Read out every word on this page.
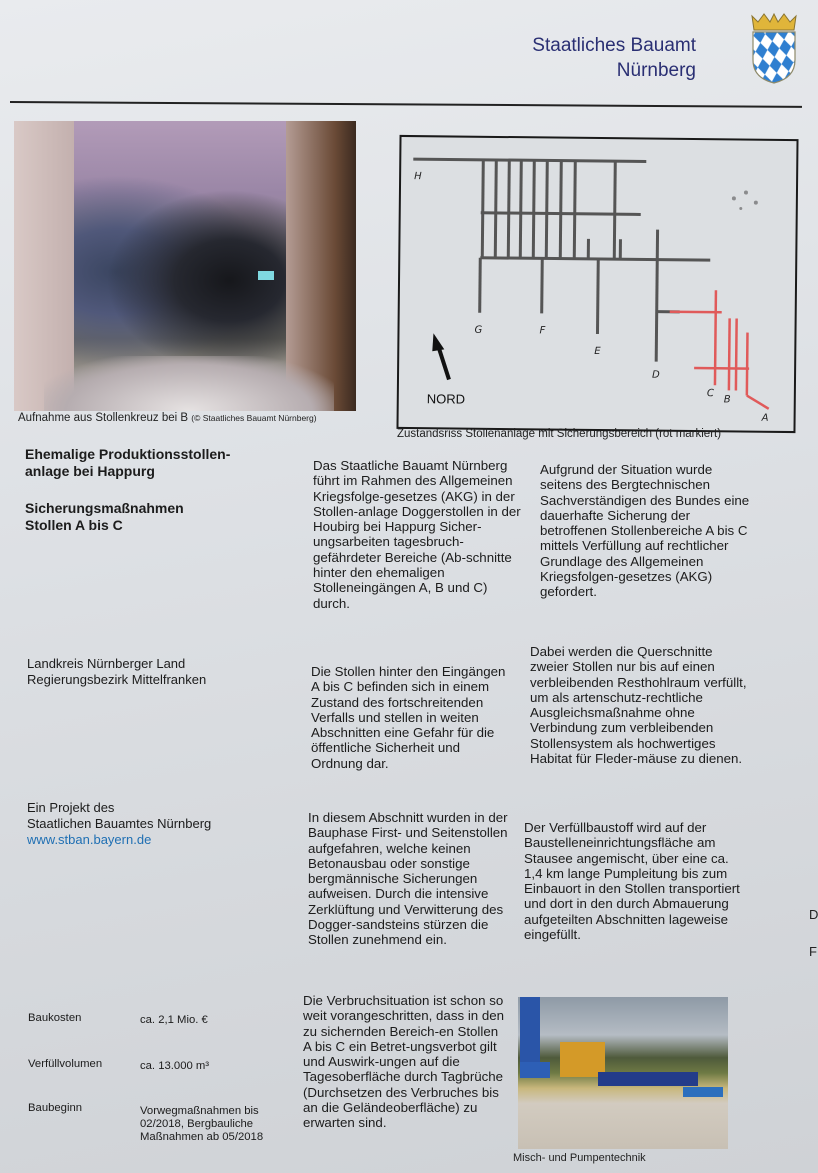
Staatliches Bauamt
Nürnberg
Aufnahme aus Stollenkreuz bei B (© Staatliches Bauamt Nürnberg)
H
G	F
E
D
C
B
A
NORD
Zustandsriss Stollenanlage mit Sicherungsbereich (rot markiert)
Ehemalige Produktionsstollen-
anlage bei Happurg
Sicherungsmaßnahmen
Stollen A bis C
Landkreis Nürnberger Land
Regierungsbezirk Mittelfranken
Ein Projekt des
Staatlichen Bauamtes Nürnberg
www.stban.bayern.de
Baukosten	ca. 2,1 Mio. €
Verfüllvolumen	ca. 13.000 m³
Baubeginn	Vorwegmaßnahmen bis 02/2018, Bergbauliche Maßnahmen ab 05/2018
Das Staatliche Bauamt Nürnberg führt im Rahmen des Allgemeinen Kriegsfolge-gesetzes (AKG) in der Stollen-anlage Doggerstollen in der Houbirg bei Happurg Sicher-ungsarbeiten tagesbruch-gefährdeter Bereiche (Ab-schnitte hinter den ehemaligen Stolleneingängen A, B und C) durch.
Die Stollen hinter den Eingängen A bis C befinden sich in einem Zustand des fortschreitenden Verfalls und stellen in weiten Abschnitten eine Gefahr für die öffentliche Sicherheit und Ordnung dar.
In diesem Abschnitt wurden in der Bauphase First- und Seitenstollen aufgefahren, welche keinen Betonausbau oder sonstige bergmännische Sicherungen aufweisen. Durch die intensive Zerklüftung und Verwitterung des Dogger-sandsteins stürzen die Stollen zunehmend ein.
Die Verbruchsituation ist schon so weit vorangeschritten, dass in den zu sichernden Bereich-en Stollen A bis C ein Betret-ungsverbot gilt und Auswirk-ungen auf die Tagesoberfläche durch Tagbrüche (Durchsetzen des Verbruches bis an die Geländeoberfläche) zu erwarten sind.
Aufgrund der Situation wurde seitens des Bergtechnischen Sachverständigen des Bundes eine dauerhafte Sicherung der betroffenen Stollenbereiche A bis C mittels Verfüllung auf rechtlicher Grundlage des Allgemeinen Kriegsfolgen-gesetzes (AKG) gefordert.
Dabei werden die Querschnitte zweier Stollen nur bis auf einen verbleibenden Resthohlraum verfüllt, um als artenschutz-rechtliche Ausgleichsmaßnahme ohne Verbindung zum verbleibenden Stollensystem als hochwertiges Habitat für Fleder-mäuse zu dienen.
Der Verfüllbaustoff wird auf der Baustelleneinrichtungsfläche am Stausee angemischt, über eine ca. 1,4 km lange Pumpleitung bis zum Einbauort in den Stollen transportiert und dort in den durch Abmauerung aufgeteilten Abschnitten lageweise eingefüllt.
Misch- und Pumpentechnik
D
F
